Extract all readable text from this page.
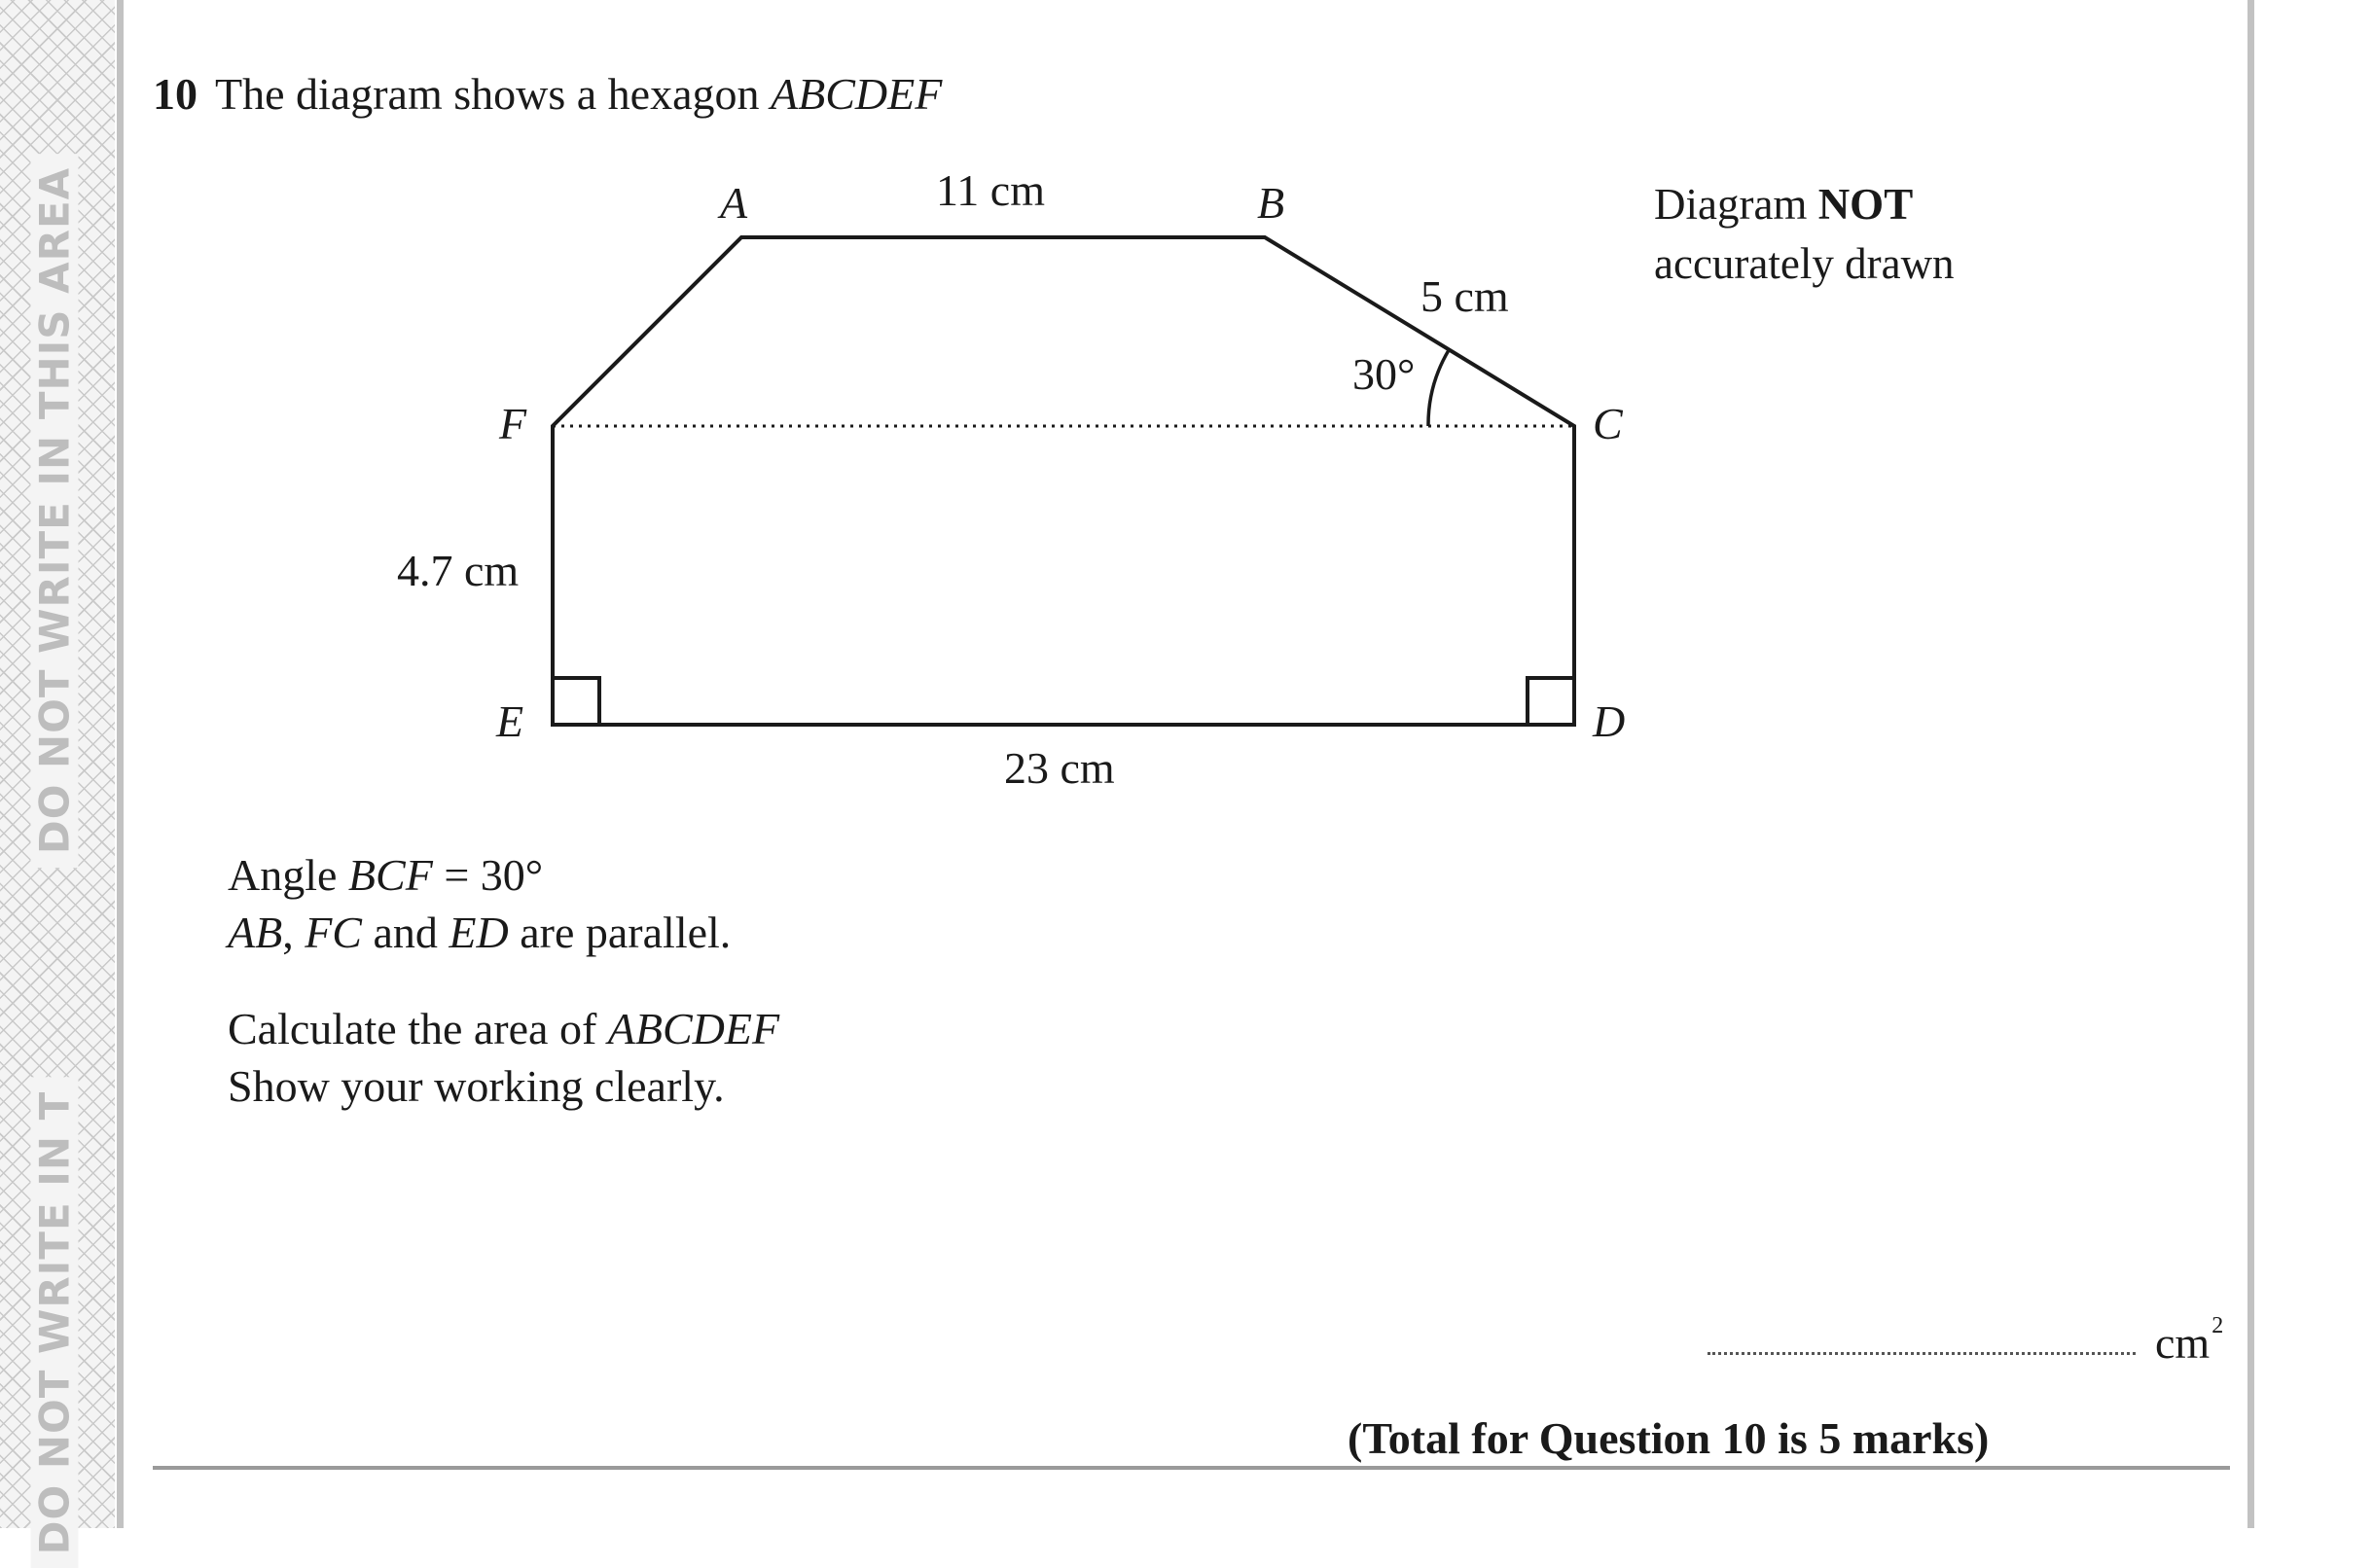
DO NOT WRITE IN THIS AREA
DO NOT WRITE IN T
10 The diagram shows a hexagon ABCDEF
Diagram NOT
accurately drawn
A	B
C
D
E
F
11 cm
5 cm
30°
4.7 cm
23 cm
Angle BCF = 30°
AB, FC and ED are parallel.
Calculate the area of ABCDEF
Show your working clearly.
$cm^2$
(Total for Question 10 is 5 marks)
